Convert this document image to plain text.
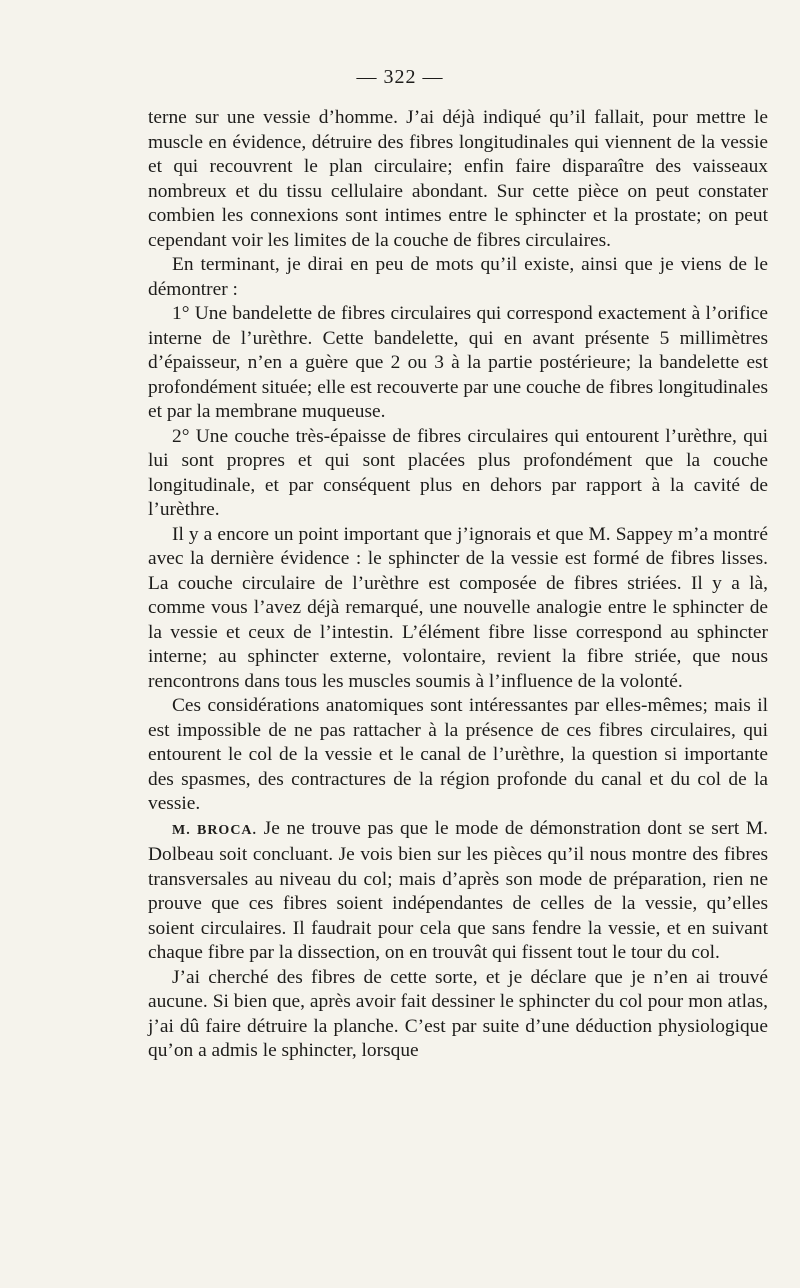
— 322 —

terne sur une vessie d’homme. J’ai déjà indiqué qu’il fallait, pour mettre le muscle en évidence, détruire des fibres longitudinales qui viennent de la vessie et qui recouvrent le plan circulaire; enfin faire disparaître des vaisseaux nombreux et du tissu cellulaire abondant. Sur cette pièce on peut constater combien les connexions sont intimes entre le sphincter et la prostate; on peut cependant voir les limites de la couche de fibres circulaires.

En terminant, je dirai en peu de mots qu’il existe, ainsi que je viens de le démontrer :

1° Une bandelette de fibres circulaires qui correspond exactement à l’orifice interne de l’urèthre. Cette bandelette, qui en avant présente 5 millimètres d’épaisseur, n’en a guère que 2 ou 3 à la partie postérieure; la bandelette est profondément située; elle est recouverte par une couche de fibres longitudinales et par la membrane muqueuse.

2° Une couche très-épaisse de fibres circulaires qui entourent l’urèthre, qui lui sont propres et qui sont placées plus profondément que la couche longitudinale, et par conséquent plus en dehors par rapport à la cavité de l’urèthre.

Il y a encore un point important que j’ignorais et que M. Sappey m’a montré avec la dernière évidence : le sphincter de la vessie est formé de fibres lisses. La couche circulaire de l’urèthre est composée de fibres striées. Il y a là, comme vous l’avez déjà remarqué, une nouvelle analogie entre le sphincter de la vessie et ceux de l’intestin. L’élément fibre lisse correspond au sphincter interne; au sphincter externe, volontaire, revient la fibre striée, que nous rencontrons dans tous les muscles soumis à l’influence de la volonté.

Ces considérations anatomiques sont intéressantes par elles-mêmes; mais il est impossible de ne pas rattacher à la présence de ces fibres circulaires, qui entourent le col de la vessie et le canal de l’urèthre, la question si importante des spasmes, des contractures de la région profonde du canal et du col de la vessie.

M. BROCA. Je ne trouve pas que le mode de démonstration dont se sert M. Dolbeau soit concluant. Je vois bien sur les pièces qu’il nous montre des fibres transversales au niveau du col; mais d’après son mode de préparation, rien ne prouve que ces fibres soient indépendantes de celles de la vessie, qu’elles soient circulaires. Il faudrait pour cela que sans fendre la vessie, et en suivant chaque fibre par la dissection, on en trouvât qui fissent tout le tour du col.

J’ai cherché des fibres de cette sorte, et je déclare que je n’en ai trouvé aucune. Si bien que, après avoir fait dessiner le sphincter du col pour mon atlas, j’ai dû faire détruire la planche. C’est par suite d’une déduction physiologique qu’on a admis le sphincter, lorsque
